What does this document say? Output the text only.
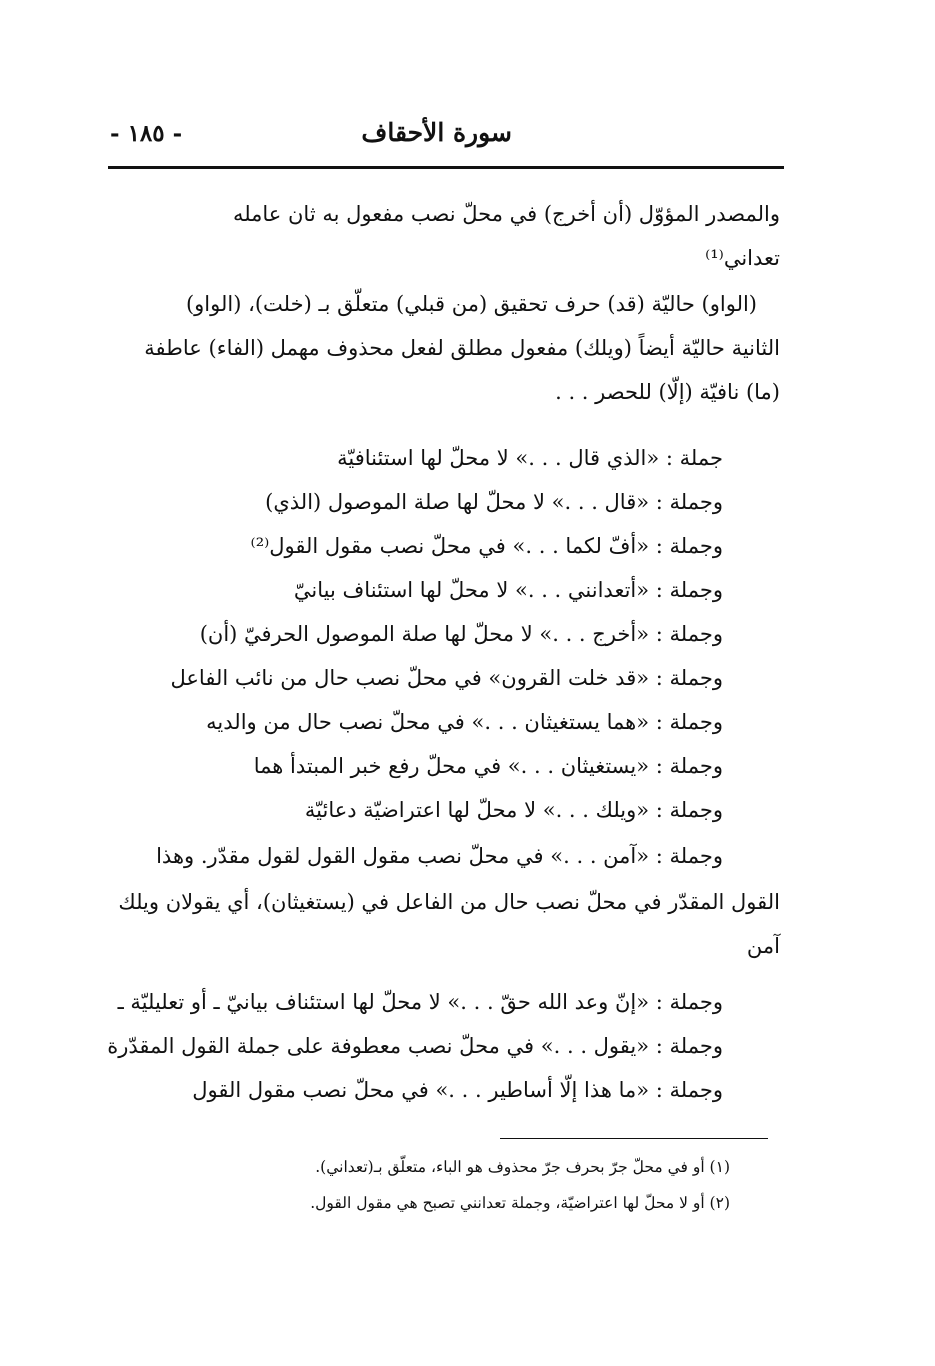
سورة الأحقاف
- ١٨٥ -
والمصدر المؤوّل (أن أخرج) في محلّ نصب مفعول به ثان عامله
تعداني⁽¹⁾
(الواو) حاليّة (قد) حرف تحقيق (من قبلي) متعلّق بـ (خلت)، (الواو)
الثانية حاليّة أيضاً (ويلك) مفعول مطلق لفعل محذوف مهمل (الفاء) عاطفة
(ما) نافيّة (إلّا) للحصر . . .
جملة : «الذي قال . . .» لا محلّ لها استئنافيّة
وجملة : «قال . . .» لا محلّ لها صلة الموصول (الذي)
وجملة : «أفّ لكما . . .» في محلّ نصب مقول القول⁽²⁾
وجملة : «أتعدانني . . .» لا محلّ لها استئناف بيانيّ
وجملة : «أخرج . . .» لا محلّ لها صلة الموصول الحرفيّ (أن)
وجملة : «قد خلت القرون» في محلّ نصب حال من نائب الفاعل
وجملة : «هما يستغيثان . . .» في محلّ نصب حال من والديه
وجملة : «يستغيثان . . .» في محلّ رفع خبر المبتدأ هما
وجملة : «ويلك . . .» لا محلّ لها اعتراضيّة دعائيّة
وجملة : «آمن . . .» في محلّ نصب مقول القول لقول مقدّر. وهذا
القول المقدّر في محلّ نصب حال من الفاعل في (يستغيثان)، أي يقولان ويلك
آمن
وجملة : «إنّ وعد الله حقّ . . .» لا محلّ لها استئناف بيانيّ ـ أو تعليليّة ـ
وجملة : «يقول . . .» في محلّ نصب معطوفة على جملة القول المقدّرة
وجملة : «ما هذا إلّا أساطير . . .» في محلّ نصب مقول القول
(١) أو في محلّ جرّ بحرف جرّ محذوف هو الباء، متعلّق بـ(تعداني).
(٢) أو لا محلّ لها اعتراضيّة، وجملة تعدانني تصبح هي مقول القول.
